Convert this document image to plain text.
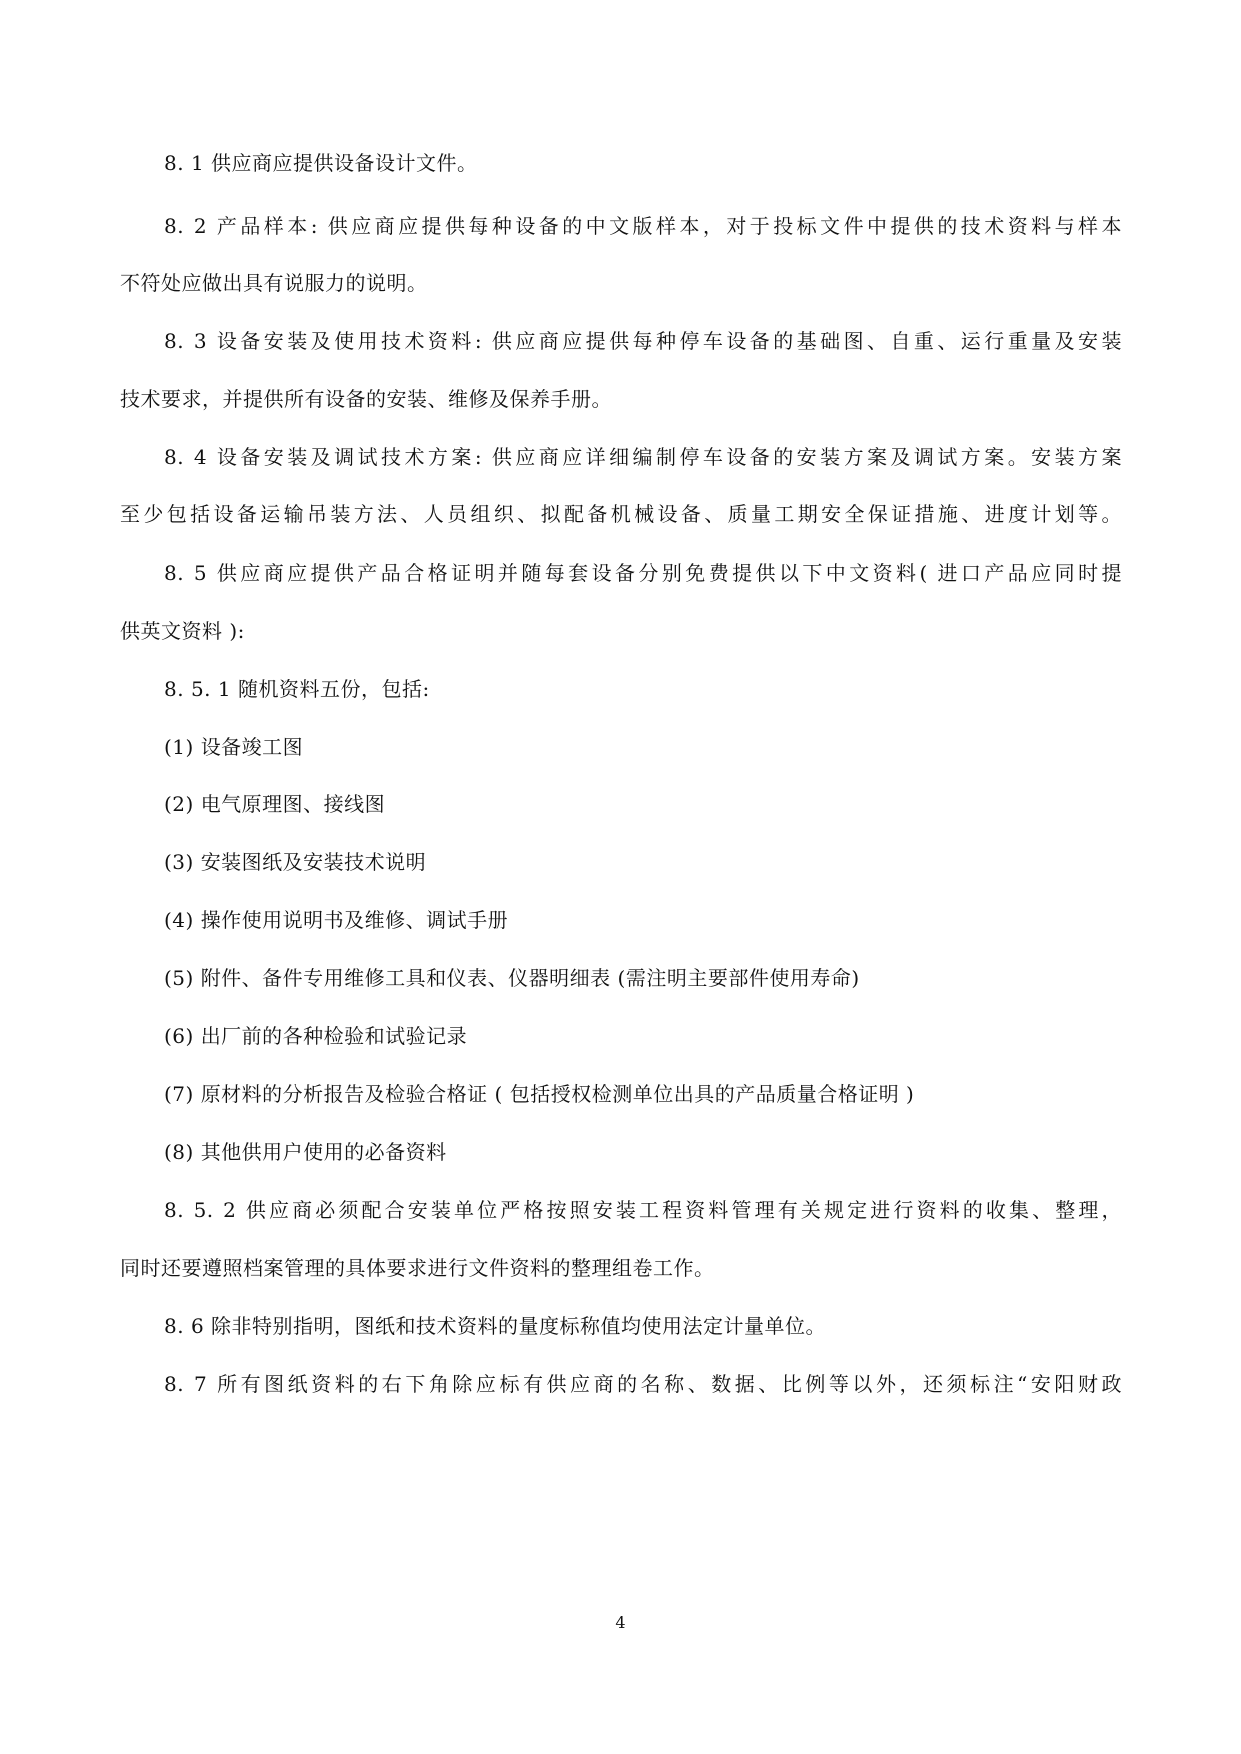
8. 1 供应商应提供设备设计文件。
8. 2 产品样本: 供应商应提供每种设备的中文版样本，对于投标文件中提供的技术资料与样本
不符处应做出具有说服力的说明。
8. 3 设备安装及使用技术资料: 供应商应提供每种停车设备的基础图、自重、运行重量及安装
技术要求，并提供所有设备的安装、维修及保养手册。
8. 4 设备安装及调试技术方案: 供应商应详细编制停车设备的安装方案及调试方案。安装方案
至少包括设备运输吊装方法、人员组织、拟配备机械设备、质量工期安全保证措施、进度计划等。
8. 5 供应商应提供产品合格证明并随每套设备分别免费提供以下中文资料( 进口产品应同时提
供英文资料 ):
8. 5. 1 随机资料五份，包括:
(1) 设备竣工图
(2) 电气原理图、接线图
(3) 安装图纸及安装技术说明
(4) 操作使用说明书及维修、调试手册
(5) 附件、备件专用维修工具和仪表、仪器明细表 (需注明主要部件使用寿命)
(6) 出厂前的各种检验和试验记录
(7) 原材料的分析报告及检验合格证 ( 包括授权检测单位出具的产品质量合格证明 )
(8) 其他供用户使用的必备资料
8. 5. 2 供应商必须配合安装单位严格按照安装工程资料管理有关规定进行资料的收集、整理，
同时还要遵照档案管理的具体要求进行文件资料的整理组卷工作。
8. 6 除非特别指明，图纸和技术资料的量度标称值均使用法定计量单位。
8. 7 所有图纸资料的右下角除应标有供应商的名称、数据、比例等以外，还须标注“安阳财政
4
